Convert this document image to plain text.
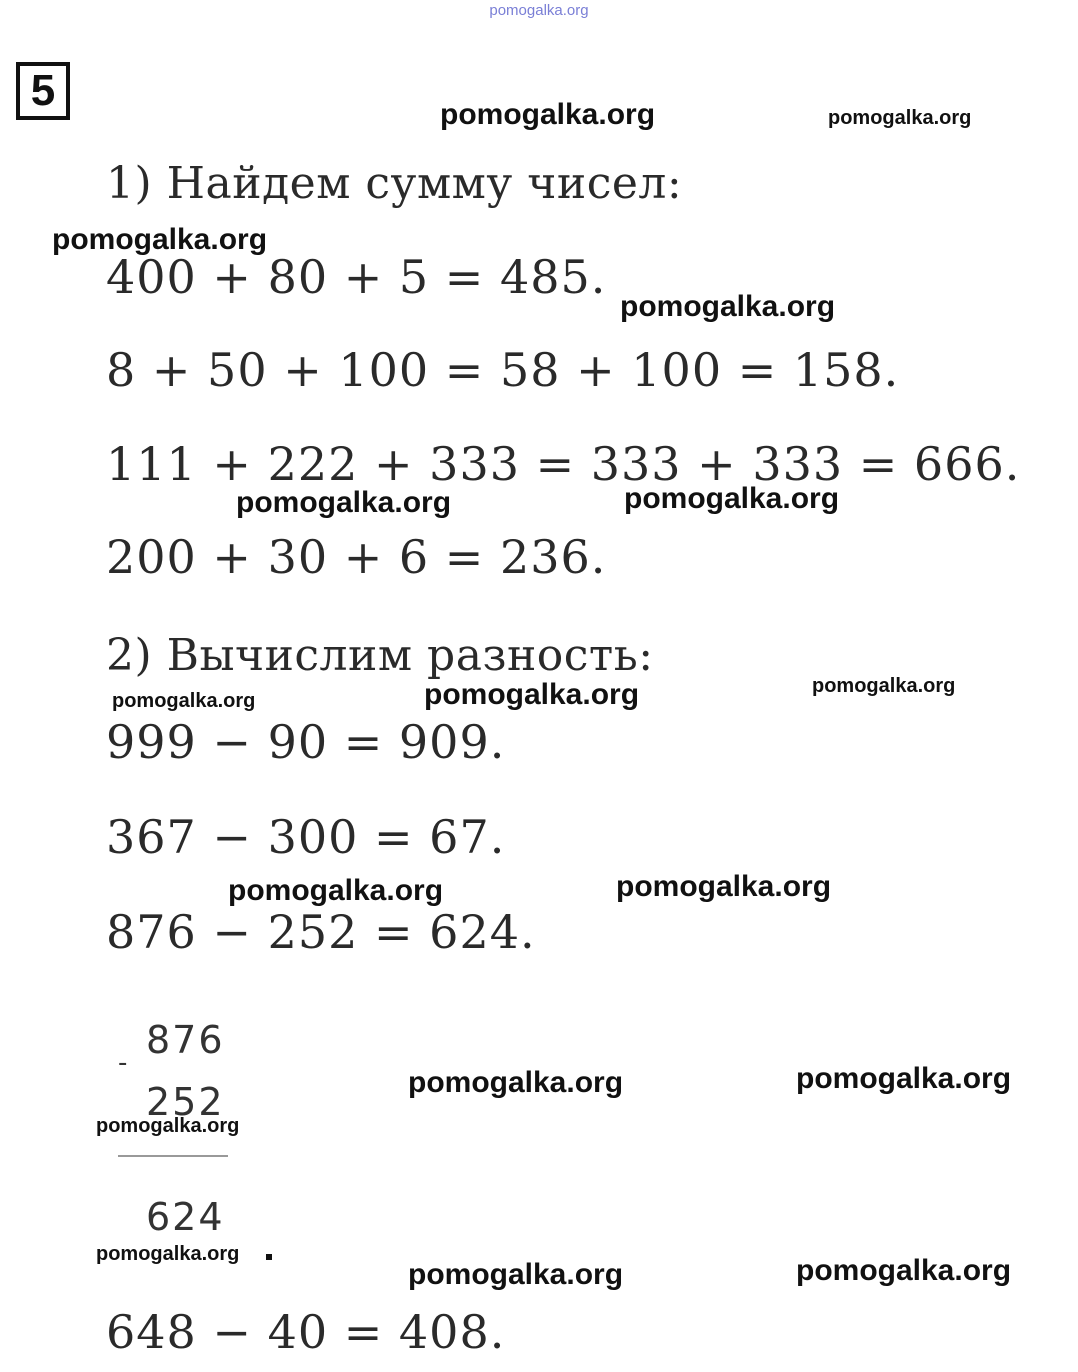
pomogalka.org
5
1) Найдем сумму чисел:
400 + 80 + 5 = 485.
8 + 50 + 100 = 58 + 100 = 158.
111 + 222 + 333 = 333 + 333 = 666.
200 + 30 + 6 = 236.
2) Вычислим разность:
999 − 90 = 909.
367 − 300 = 67.
876 − 252 = 624.
876
-
252
624
648 − 40 = 408.
pomogalka.org	pomogalka.org
pomogalka.org
pomogalka.org
pomogalka.org	pomogalka.org
pomogalka.org	pomogalka.org	pomogalka.org
pomogalka.org	pomogalka.org
pomogalka.org	pomogalka.org
pomogalka.org
pomogalka.org
pomogalka.org	pomogalka.org
